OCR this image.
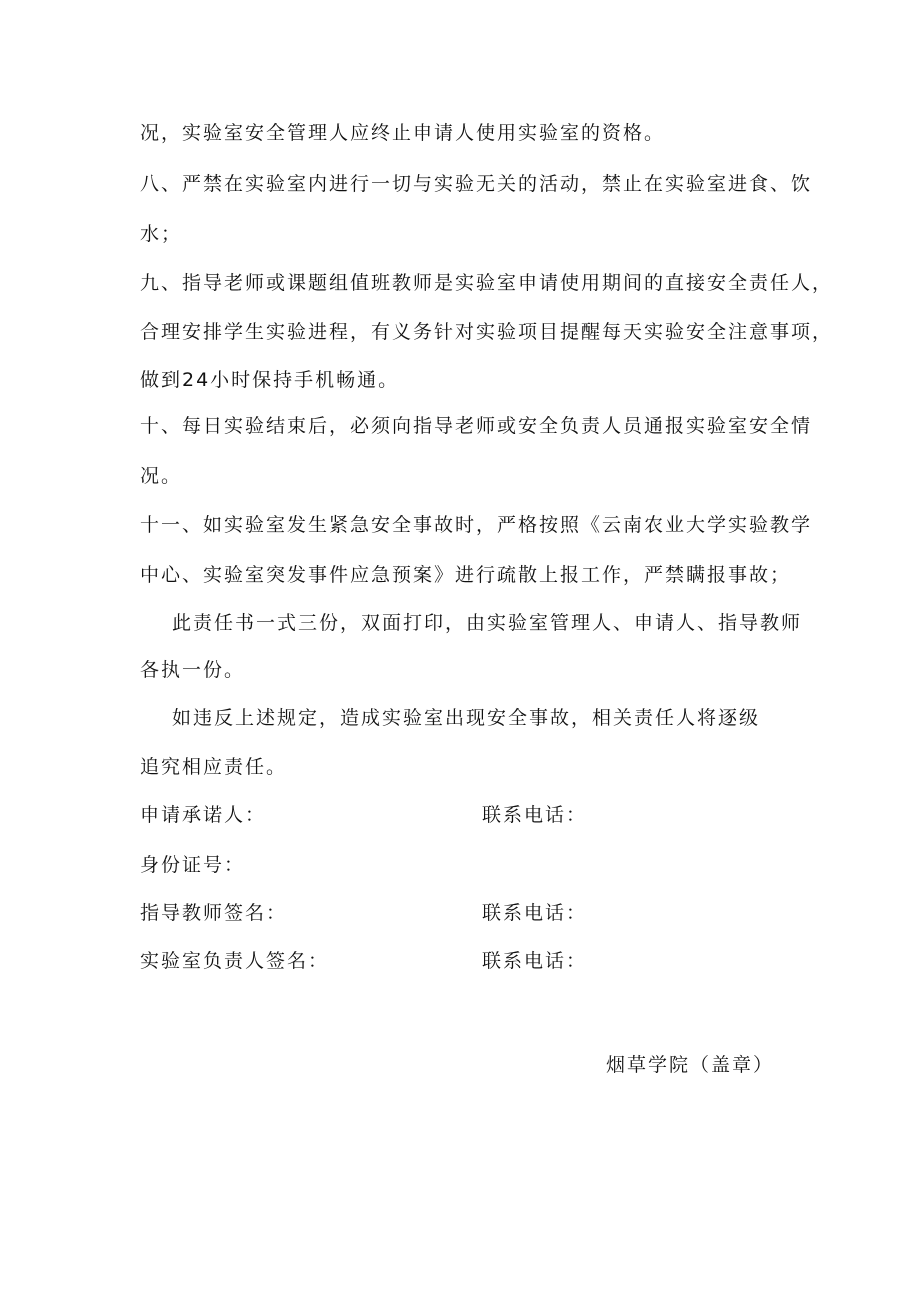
况，实验室安全管理人应终止申请人使用实验室的资格。
八、严禁在实验室内进行一切与实验无关的活动，禁止在实验室进食、饮
水；
九、指导老师或课题组值班教师是实验室申请使用期间的直接安全责任人，
合理安排学生实验进程，有义务针对实验项目提醒每天实验安全注意事项，
做到24小时保持手机畅通。
十、每日实验结束后，必须向指导老师或安全负责人员通报实验室安全情
况。
十一、如实验室发生紧急安全事故时，严格按照《云南农业大学实验教学
中心、实验室突发事件应急预案》进行疏散上报工作，严禁瞒报事故；
此责任书一式三份，双面打印，由实验室管理人、申请人、指导教师
各执一份。
如违反上述规定，造成实验室出现安全事故，相关责任人将逐级
追究相应责任。
申请承诺人：	联系电话：
身份证号：
指导教师签名：	联系电话：
实验室负责人签名：	联系电话：
烟草学院（盖章）
